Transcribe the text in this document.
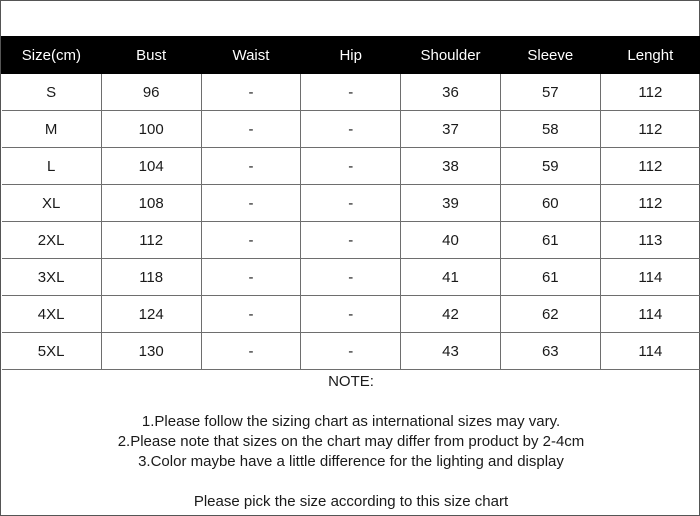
Size(cm)	Bust	Waist	Hip	Shoulder	Sleeve	Lenght
S	96	-	-	36	57	112
M	100	-	-	37	58	112
L	104	-	-	38	59	112
XL	108	-	-	39	60	112
2XL	112	-	-	40	61	113
3XL	118	-	-	41	61	114
4XL	124	-	-	42	62	114
5XL	130	-	-	43	63	114
NOTE:
1.Please follow the sizing chart as international sizes may vary.
2.Please note that sizes on the chart may differ from product by 2-4cm
3.Color maybe have a little difference for the lighting and display
Please pick the size according to this size chart
